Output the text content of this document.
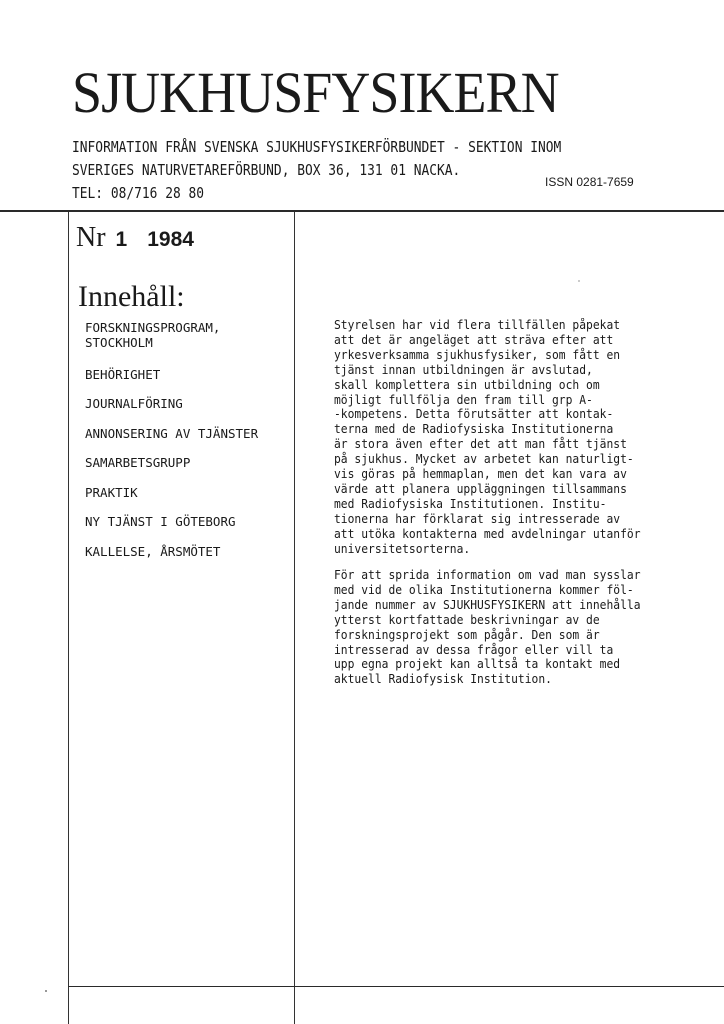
SJUKHUSFYSIKERN
INFORMATION FRÅN SVENSKA SJUKHUSFYSIKERFÖRBUNDET - SEKTION INOM
SVERIGES NATURVETAREFÖRBUND, BOX 36, 131 01 NACKA.
TEL: 08/716 28 80
ISSN 0281-7659
Nr 1 1984
Innehåll:
FORSKNINGSPROGRAM,
STOCKHOLM
BEHÖRIGHET
JOURNALFÖRING
ANNONSERING AV TJÄNSTER
SAMARBETSGRUPP
PRAKTIK
NY TJÄNST I GÖTEBORG
KALLELSE, ÅRSMÖTET
Styrelsen har vid flera tillfällen påpekat
att det är angeläget att sträva efter att
yrkesverksamma sjukhusfysiker, som fått en
tjänst innan utbildningen är avslutad,
skall komplettera sin utbildning och om
möjligt fullfölja den fram till grp A-
-kompetens. Detta förutsätter att kontak-
terna med de Radiofysiska Institutionerna
är stora även efter det att man fått tjänst
på sjukhus. Mycket av arbetet kan naturligt-
vis göras på hemmaplan, men det kan vara av
värde att planera uppläggningen tillsammans
med Radiofysiska Institutionen. Institu-
tionerna har förklarat sig intresserade av
att utöka kontakterna med avdelningar utanför
universitetsorterna.
För att sprida information om vad man sysslar
med vid de olika Institutionerna kommer föl-
jande nummer av SJUKHUSFYSIKERN att innehålla
ytterst kortfattade beskrivningar av de
forskningsprojekt som pågår. Den som är
intresserad av dessa frågor eller vill ta
upp egna projekt kan alltså ta kontakt med
aktuell Radiofysisk Institution.
